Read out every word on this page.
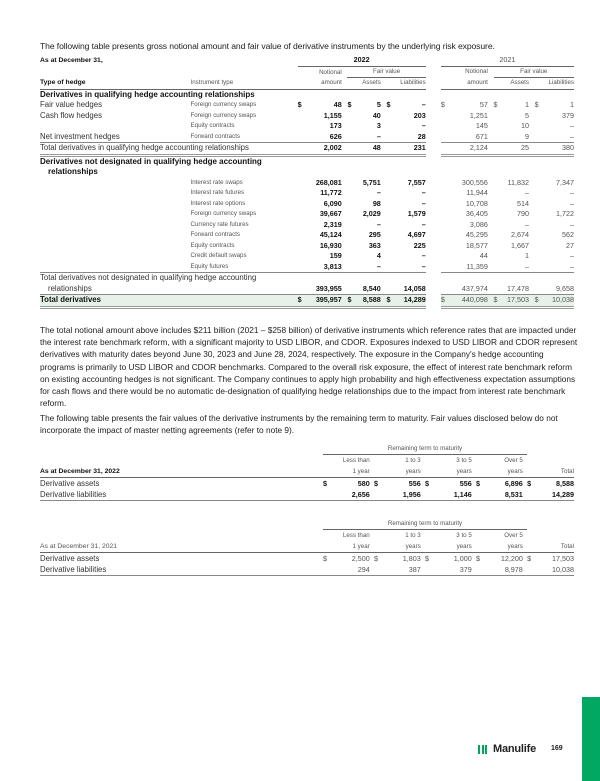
The following table presents gross notional amount and fair value of derivative instruments by the underlying risk exposure.
As at December 31,		2022									2021							
		Notional			Fair value						Notional			Fair value				
Type of hedge	Instrument type	amount			Assets			Liabilities			amount			Assets			Liabilities	
Derivatives in qualifying hedge accounting relationships																		
Fair value hedges	Foreign currency swaps	$	48		$	5		$	–		$	57		$	1		$	1
Cash flow hedges	Foreign currency swaps		1,155			40			203			1,251			5			379
	Equity contracts		173			3			–			145			10			–
Net investment hedges	Forward contracts		626			–			28			671			9			–
Total derivatives in qualifying hedge accounting relationships			2,002			48			231			2,124			25			380
Derivatives not designated in qualifying hedge accounting																		
relationships																		
	Interest rate swaps		268,081			5,751			7,557			300,556			11,832			7,347
	Interest rate futures		11,772			–			–			11,944			–			–
	Interest rate options		6,090			98			–			10,708			514			–
	Foreign currency swaps		39,667			2,029			1,579			36,405			790			1,722
	Currency rate futures		2,319			–			–			3,086			–			–
	Forward contracts		45,124			295			4,697			45,295			2,674			562
	Equity contracts		16,930			363			225			18,577			1,667			27
	Credit default swaps		159			4			–			44			1			–
	Equity futures		3,813			–			–			11,359			–			–
Total derivatives not designated in qualifying hedge accounting																		
relationships			393,955			8,540			14,058			437,974			17,478			9,658
Total derivatives		$	395,957		$	8,588		$	14,289		$	440,098		$	17,503		$	10,038
The total notional amount above includes $211 billion (2021 – $258 billion) of derivative instruments which reference rates that are impacted under the interest rate benchmark reform, with a significant majority to USD LIBOR, and CDOR. Exposures indexed to USD LIBOR and CDOR represent derivatives with maturity dates beyond June 30, 2023 and June 28, 2024, respectively. The exposure in the Company's hedge accounting programs is primarily to USD LIBOR and CDOR benchmarks. Compared to the overall risk exposure, the effect of interest rate benchmark reform on existing accounting hedges is not significant. The Company continues to apply high probability and high effectiveness expectation assumptions for cash flows and there would be no automatic de-designation of qualifying hedge relationships due to the impact from interest rate benchmark reform.
The following table presents the fair values of the derivative instruments by the remaining term to maturity. Fair values disclosed below do not incorporate the impact of master netting agreements (refer to note 9).
		Remaining term to maturity													
		Less than			1 to 3			3 to 5			Over 5				
As at December 31, 2022		1 year			years			years			years			Total	
Derivative assets		$	580		$	556		$	556		$	6,896		$	8,588
Derivative liabilities			2,656			1,956			1,146			8,531			14,289
		Remaining term to maturity													
		Less than			1 to 3			3 to 5			Over 5				
As at December 31, 2021		1 year			years			years			years			Total	
Derivative assets		$	2,500		$	1,803		$	1,000		$	12,200		$	17,503
Derivative liabilities			294			387			379			8,978			10,038
Manulife 169
